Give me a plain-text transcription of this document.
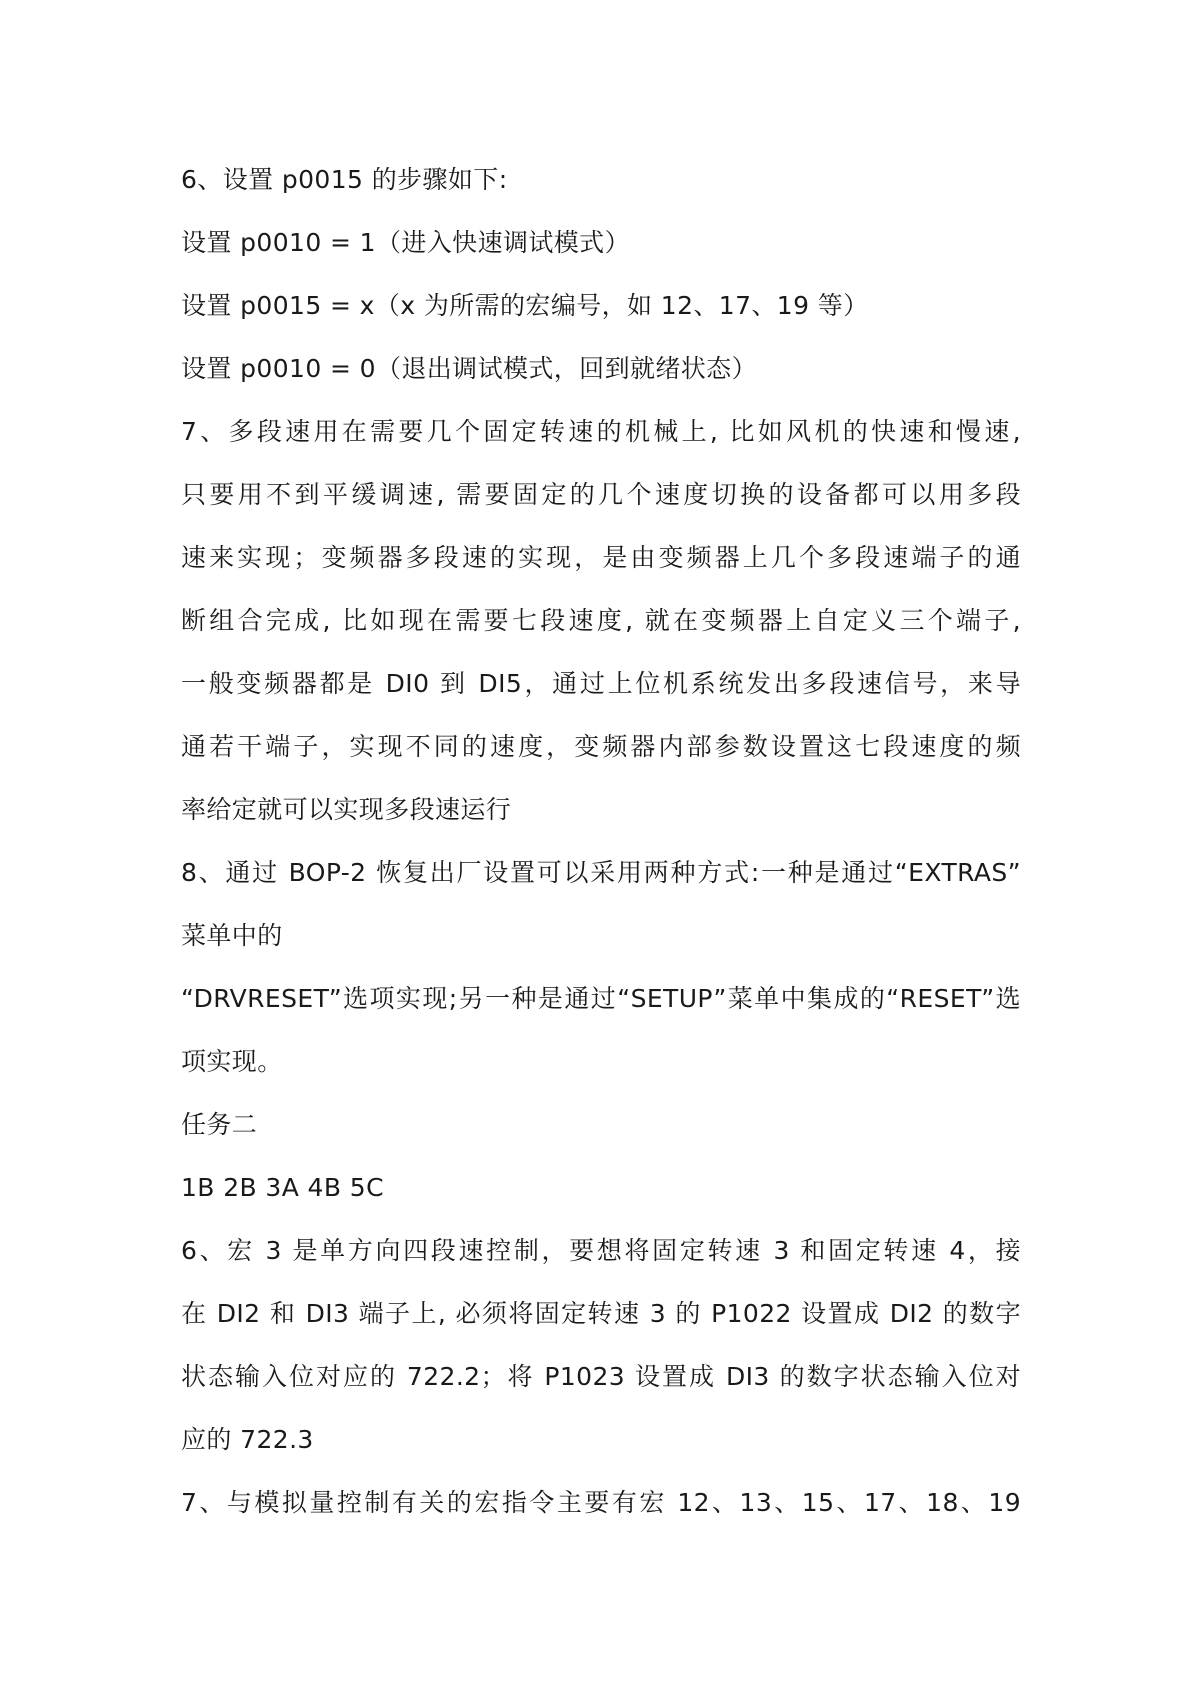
6、设置 p0015 的步骤如下:
设置 p0010 = 1（进入快速调试模式）
设置 p0015 = x（x 为所需的宏编号，如 12、17、19 等）
设置 p0010 = 0（退出调试模式，回到就绪状态）
7、多段速用在需要几个固定转速的机械上, 比如风机的快速和慢速,
只要用不到平缓调速, 需要固定的几个速度切换的设备都可以用多段
速来实现；变频器多段速的实现，是由变频器上几个多段速端子的通
断组合完成, 比如现在需要七段速度, 就在变频器上自定义三个端子,
一般变频器都是 DI0 到 DI5，通过上位机系统发出多段速信号，来导
通若干端子，实现不同的速度，变频器内部参数设置这七段速度的频
率给定就可以实现多段速运行
8、通过 BOP-2 恢复出厂设置可以采用两种方式:一种是通过“EXTRAS”
菜单中的
“DRVRESET”选项实现;另一种是通过“SETUP”菜单中集成的“RESET”选
项实现。
任务二
1B 2B 3A 4B 5C
6、宏 3 是单方向四段速控制，要想将固定转速 3 和固定转速 4，接
在 DI2 和 DI3 端子上, 必须将固定转速 3 的 P1022 设置成 DI2 的数字
状态输入位对应的 722.2；将 P1023 设置成 DI3 的数字状态输入位对
应的 722.3
7、与模拟量控制有关的宏指令主要有宏 12、13、15、17、18、19
